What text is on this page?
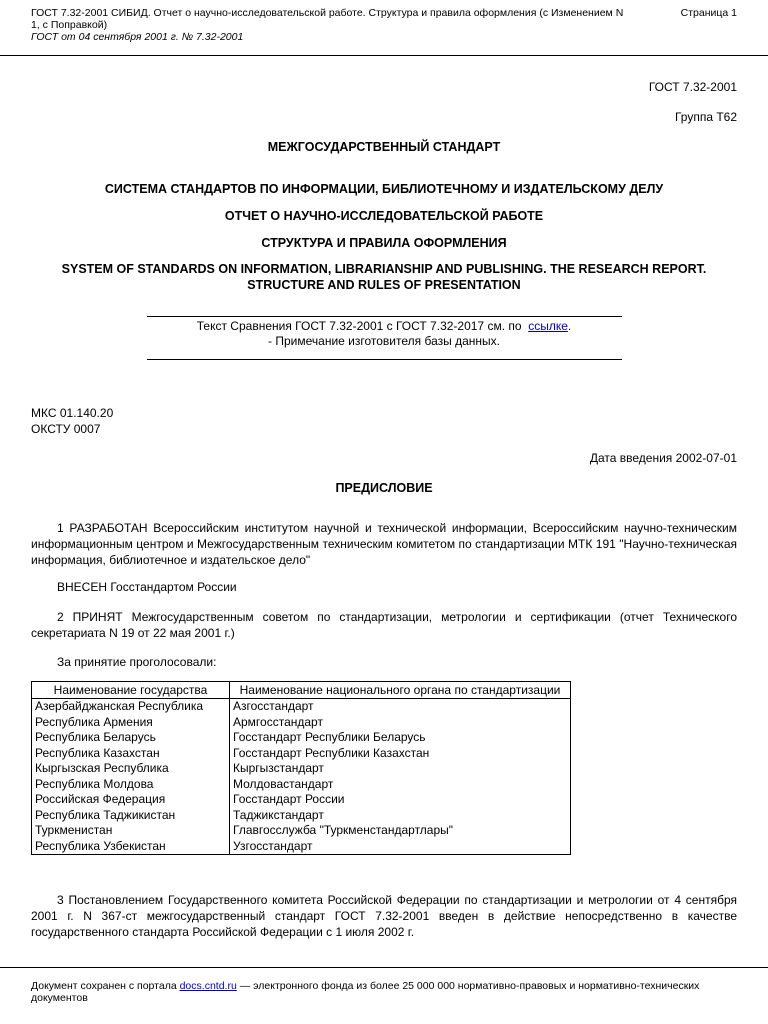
ГОСТ 7.32-2001 СИБИД. Отчет о научно-исследовательской работе. Структура и правила оформления (с Изменением N 1, с Поправкой)
Страница 1
ГОСТ от 04 сентября 2001 г. № 7.32-2001
ГОСТ 7.32-2001
Группа Т62
МЕЖГОСУДАРСТВЕННЫЙ СТАНДАРТ
СИСТЕМА СТАНДАРТОВ ПО ИНФОРМАЦИИ, БИБЛИОТЕЧНОМУ И ИЗДАТЕЛЬСКОМУ ДЕЛУ
ОТЧЕТ О НАУЧНО-ИССЛЕДОВАТЕЛЬСКОЙ РАБОТЕ
СТРУКТУРА И ПРАВИЛА ОФОРМЛЕНИЯ
SYSTEM OF STANDARDS ON INFORMATION, LIBRARIANSHIP AND PUBLISHING. THE RESEARCH REPORT. STRUCTURE AND RULES OF PRESENTATION
Текст Сравнения ГОСТ 7.32-2001 с ГОСТ 7.32-2017 см. по ссылке.
- Примечание изготовителя базы данных.
МКС 01.140.20
ОКСТУ 0007
Дата введения 2002-07-01
ПРЕДИСЛОВИЕ
1 РАЗРАБОТАН Всероссийским институтом научной и технической информации, Всероссийским научно-техническим информационным центром и Межгосударственным техническим комитетом по стандартизации МТК 191 "Научно-техническая информация, библиотечное и издательское дело"
ВНЕСЕН Госстандартом России
2 ПРИНЯТ Межгосударственным советом по стандартизации, метрологии и сертификации (отчет Технического секретариата N 19 от 22 мая 2001 г.)
За принятие проголосовали:
Наименование государства	Наименование национального органа по стандартизации
Азербайджанская Республика	Азгосстандарт
Республика Армения	Армгосстандарт
Республика Беларусь	Госстандарт Республики Беларусь
Республика Казахстан	Госстандарт Республики Казахстан
Кыргызская Республика	Кыргызстандарт
Республика Молдова	Молдовастандарт
Российская Федерация	Госстандарт России
Республика Таджикистан	Таджикстандарт
Туркменистан	Главгосслужба "Туркменстандартлары"
Республика Узбекистан	Узгосстандарт
3 Постановлением Государственного комитета Российской Федерации по стандартизации и метрологии от 4 сентября 2001 г. N 367-ст межгосударственный стандарт ГОСТ 7.32-2001 введен в действие непосредственно в качестве государственного стандарта Российской Федерации с 1 июля 2002 г.
Документ сохранен с портала docs.cntd.ru — электронного фонда из более 25 000 000 нормативно-правовых и нормативно-технических документов
